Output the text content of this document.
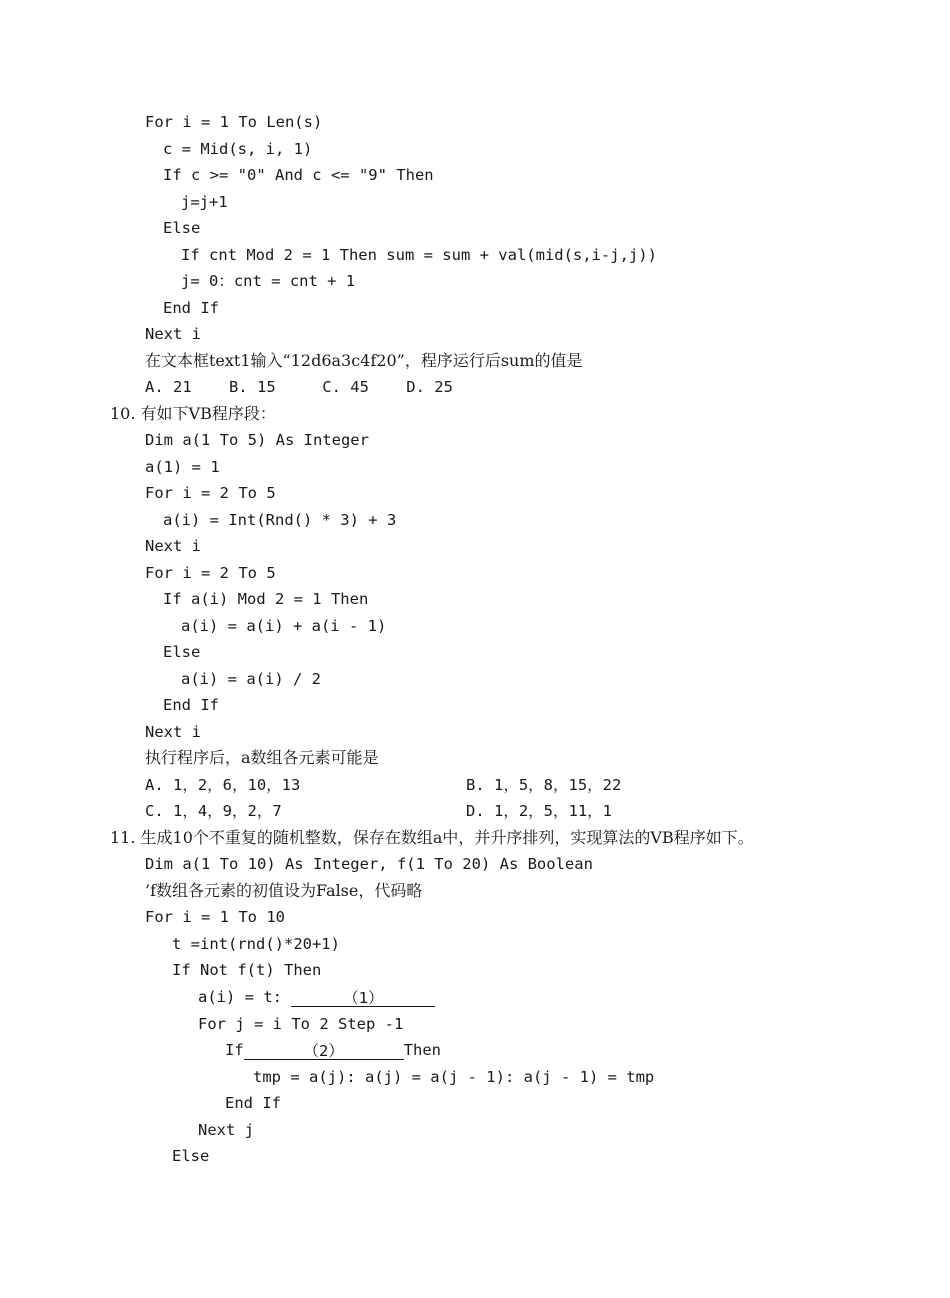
For i = 1 To Len(s)
c = Mid(s, i, 1)
If c >= "0" And c <= "9" Then
j=j+1
Else
If cnt Mod 2 = 1 Then sum = sum + val(mid(s,i-j,j))
j= 0：cnt = cnt + 1
End If
Next i
在文本框text1输入“12d6a3c4f20”，程序运行后sum的值是
A. 21    B. 15     C. 45    D. 25
10. 有如下VB程序段：
Dim a(1 To 5) As Integer
a(1) = 1
For i = 2 To 5
a(i) = Int(Rnd() * 3) + 3
Next i
For i = 2 To 5
If a(i) Mod 2 = 1 Then
a(i) = a(i) + a(i - 1)
Else
a(i) = a(i) / 2
End If
Next i
执行程序后，a数组各元素可能是
A. 1，2，6，10，13	B. 1，5，8，15，22
C. 1，4，9，2，7	D. 1，2，5，11，1
11. 生成10个不重复的随机整数，保存在数组a中，并升序排列，实现算法的VB程序如下。
Dim a(1 To 10) As Integer, f(1 To 20) As Boolean
’f数组各元素的初值设为False，代码略
For i = 1 To 10
t =int(rnd()*20+1)
If Not f(t) Then
tmp = a(j): a(j) = a(j - 1): a(j - 1) = tmp
End If
Next j
Else
a(i) = t:	（1）
For j = i To 2 Step -1
If	（2）	Then
